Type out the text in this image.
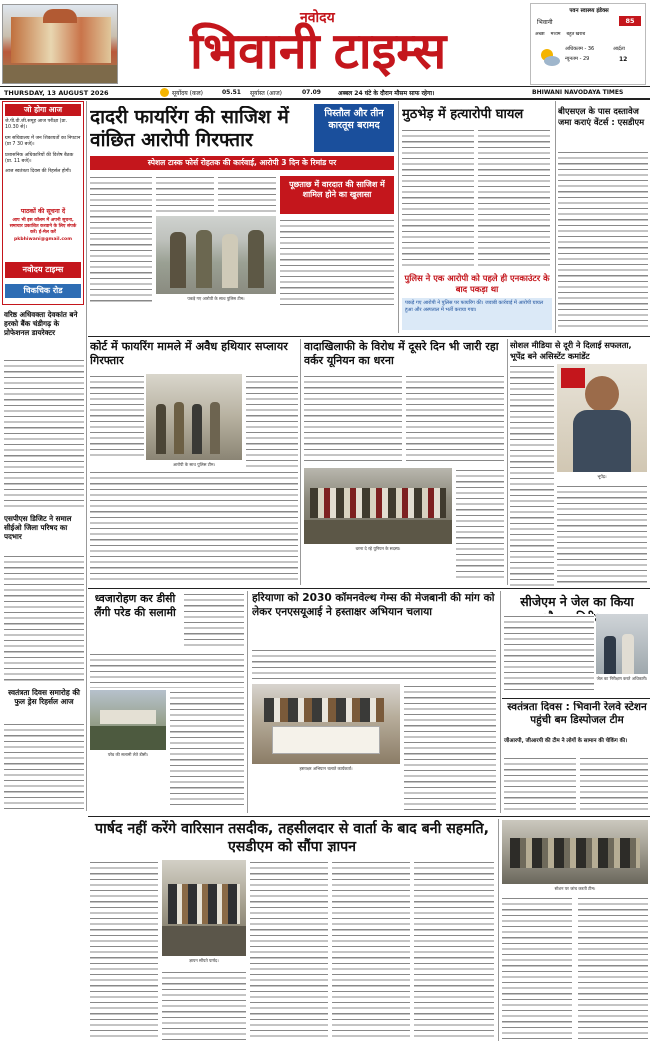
नवोदय
भिवानी टाइम्स
पवन स्वास्थ्य इंडेक्स
भिवानी	85
अच्छा मध्यम बहुत खराब
अधिकतम - 36
न्यूनतम - 29
आर्द्रता
12
THURSDAY, 13 AUGUST 2026	सूर्योदय (कल)	05.51 सूर्यास्त (आज)	07.09	अब्बल 24 घंटे के दौरान मौसम साफ रहेगा।	BHIWANI NAVODAYA TIMES
जो होगा आज
जे.पी.वी.जी.समूह आज परीक्षा (प्रा. 10.30 से)।
ग्रम सचिवालय में जन शिकायतों का निपटान (प्रा 7 30 बजे)।
प्रशासनिक अधिकारियों की विशेष बैठक (प्रा. 11 बजे)।
आज स्वतंत्रता दिवस की रिहर्सल होगी।
पाठकों की सूचना दें
आप भी इस कॉलम में अपनी सूचना, समाचार प्रकाशित करवाने के लिए संपर्क करें। ई-मेल करें pkbhiwani@gmail.com
नवोदय टाइम्स
चिकचिक रोड
वरिष्ठ अधिवक्ता देवकांत बने हरको बैंक चंडीगढ़ के प्रोफेशनल डायरेक्टर
एसपीएस डिजिट ने समाल सीईओ जिला परिषद का पदभार
स्वतंत्रता दिवस समारोह की फुल ड्रेस रिहर्सल आज
दादरी फायरिंग की साजिश में वांछित आरोपी गिरफ्तार
पिस्तौल और तीन कारतूस बरामद
स्पेशल टास्क फोर्स रोहतक की कार्रवाई, आरोपी 3 दिन के रिमांड पर
पकड़े गए आरोपी के साथ पुलिस टीम।
पूछताछ में वारदात की साजिश में शामिल होने का खुलासा
मुठभेड़ में हत्यारोपी घायल
पुलिस ने एक आरोपी को पहले ही एनकाउंटर के बाद पकड़ा था
पकड़े गए आरोपी ने पुलिस पर फायरिंग की। जवाबी कार्रवाई में आरोपी घायल हुआ और अस्पताल में भर्ती कराया गया।
बीएसएल के पास दस्तावेज जमा कराएं वेंटर्स : एसडीएम
कोर्ट में फायरिंग मामले में अवैध हथियार सप्लायर गिरफ्तार
आरोपी के साथ पुलिस टीम।
वादाखिलाफी के विरोध में दूसरे दिन भी जारी रहा वर्कर यूनियन का धरना
धरना दे रहे यूनियन के सदस्य।
सोशल मीडिया से दूरी ने दिलाई सफलता, भूपेंद्र बने असिस्टेंट कमांडेंट
भूपेंद्र।
ध्वजारोहण कर डीसी लैंगी परेड की सलामी
परेड की सलामी लेते डीसी।
हरियाणा को 2030 कॉमनवेल्थ गेम्स की मेजबानी की मांग को लेकर एनएसयूआई ने हस्ताक्षर अभियान चलाया
हस्ताक्षर अभियान चलाते कार्यकर्ता।
सीजेएम ने जेल का किया निरीक्षण
जेल का निरीक्षण करते अधिकारी।
स्वतंत्रता दिवस : भिवानी रेलवे स्टेशन पहुंची बम डिस्पोजल टीम
जीआरपी, जीआरपी की टीम ने लोगों के सामान की चेकिंग की।
पार्षद नहीं करेंगे वारिसान तसदीक, तहसीलदार से वार्ता के बाद बनी सहमति, एसडीएम को सौंपा ज्ञापन
ज्ञापन सौंपते पार्षद।
स्टेशन पर जांच करती टीम।
